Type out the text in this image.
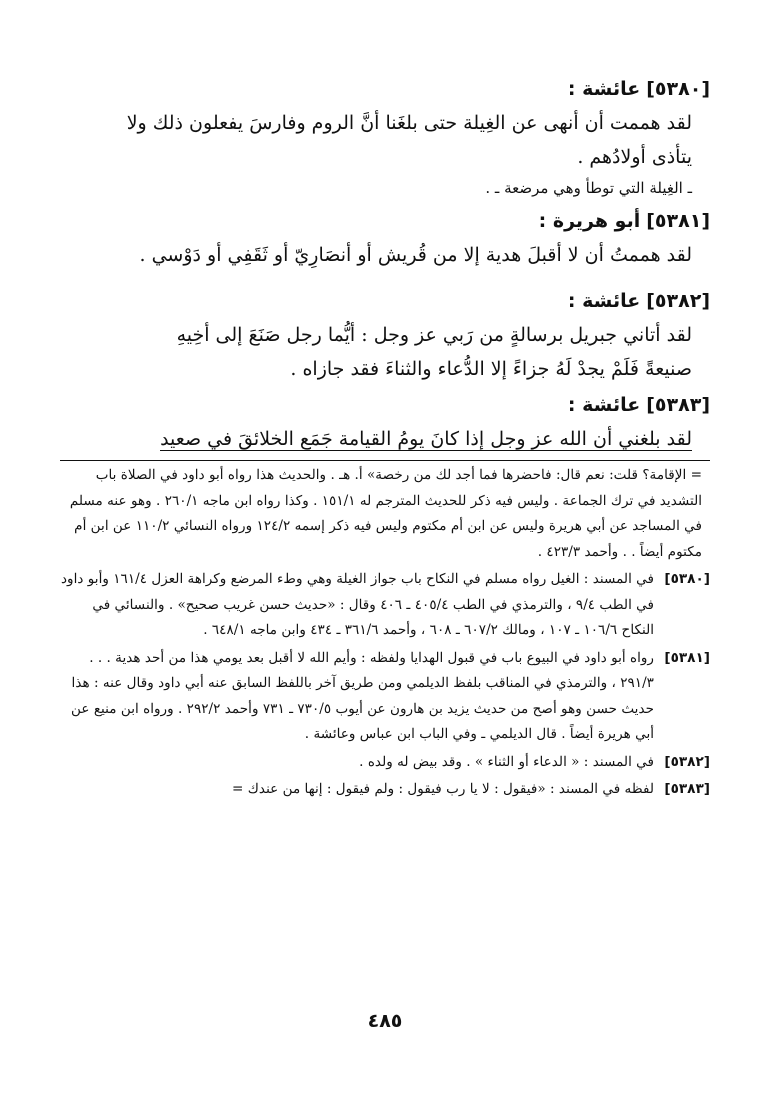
[٥٣٨٠]عائشة :
لقد هممت أن أنهى عن الغِيلة حتى بلغَنا أنَّ الروم وفارسَ يفعلون ذلك ولا
يتأذى أولادُهم .
ـ الغِيلة التي توطأ وهي مرضعة ـ .
[٥٣٨١]أبو هريرة :
لقد هممتُ أن لا أقبلَ هدية إلا من قُريش أو أنصَارِيّ أو ثَقَفِي أو دَوْسي .
[٥٣٨٢]عائشة :
لقد أتاني جبريل برسالةٍ من رَبي عز وجل : أيُّما رجل صَنَعَ إلى أخِيهِ
صنيعةً فَلَمْ يجدْ لَهُ جزاءً إلا الدُّعاء والثناءَ فقد جازاه .
[٥٣٨٣]عائشة :
لقد بلغني أن الله عز وجل إذا كانَ يومُ القيامة جَمَع الخلائقَ في صعيد
= الإقامة؟ قلت: نعم قال: فاحضرها فما أجد لك من رخصة» أ. هـ . والحديث هذا رواه أبو داود في الصلاة باب التشديد في ترك الجماعة . وليس فيه ذكر للحديث المترجم له ١٥١/١ . وكذا رواه ابن ماجه ٢٦٠/١ . وهو عنه مسلم في المساجد عن أبي هريرة وليس عن ابن أم مكتوم وليس فيه ذكر إسمه ١٢٤/٢ ورواه النسائي ١١٠/٢ عن ابن أم مكتوم أيضاً . . وأحمد ٤٢٣/٣ .
[٥٣٨٠]
في المسند : الغيل رواه مسلم في النكاح باب جواز الغيلة وهي وطء المرضع وكراهة العزل ١٦١/٤ وأبو داود في الطب ٩/٤ ، والترمذي في الطب ٤٠٥/٤ ـ ٤٠٦ وقال : «حديث حسن غريب صحيح» . والنسائي في النكاح ١٠٦/٦ ـ ١٠٧ ، ومالك ٦٠٧/٢ ـ ٦٠٨ ، وأحمد ٣٦١/٦ ـ ٤٣٤ وابن ماجه ٦٤٨/١ .
[٥٣٨١]
رواه أبو داود في البيوع باب في قبول الهدايا ولفظه : وأيم الله لا أقبل بعد يومي هذا من أحد هدية . . . ٢٩١/٣ ، والترمذي في المناقب بلفظ الديلمي ومن طريق آخر باللفظ السابق عنه أبي داود وقال عنه : هذا حديث حسن وهو أصح من حديث يزيد بن هارون عن أيوب ٧٣٠/٥ ـ ٧٣١ وأحمد ٢٩٢/٢ . ورواه ابن منيع عن أبي هريرة أيضاً . قال الديلمي ـ وفي الباب ابن عباس وعائشة .
[٥٣٨٢]
في المسند : « الدعاء أو الثناء » . وقد بيض له ولده .
[٥٣٨٣]
لفظه في المسند : «فيقول : لا يا رب فيقول : ولم فيقول : إنها من عندك =
٤٨٥
